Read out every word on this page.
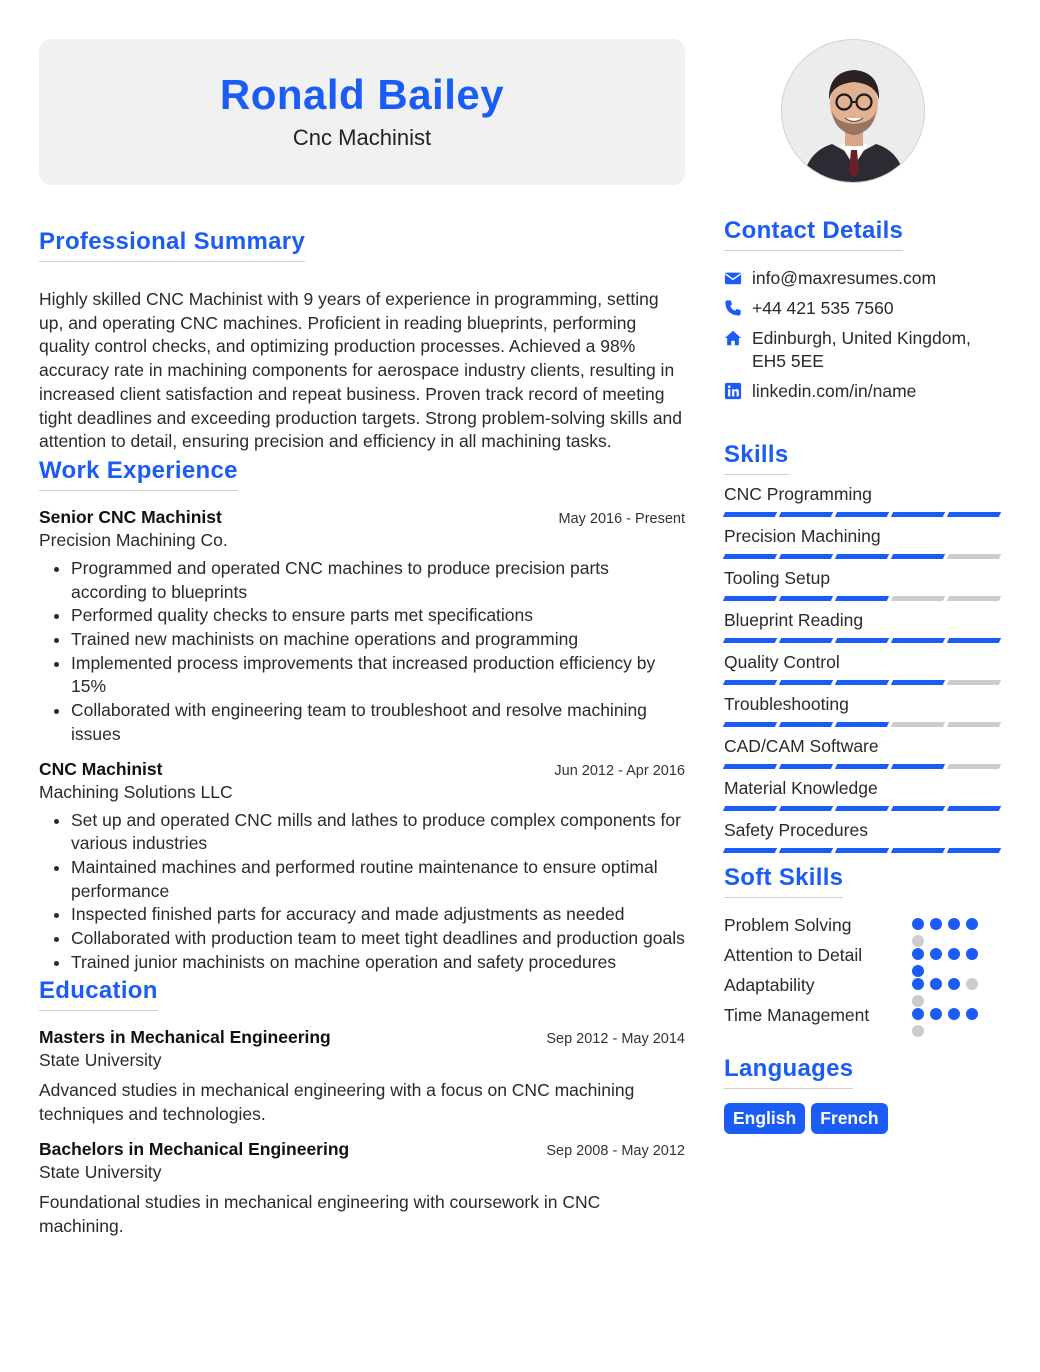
Ronald Bailey
Cnc Machinist
Professional Summary

Highly skilled CNC Machinist with 9 years of experience in programming, setting up, and operating CNC machines. Proficient in reading blueprints, performing quality control checks, and optimizing production processes. Achieved a 98% accuracy rate in machining components for aerospace industry clients, resulting in increased client satisfaction and repeat business. Proven track record of meeting tight deadlines and exceeding production targets. Strong problem-solving skills and attention to detail, ensuring precision and efficiency in all machining tasks.

Work Experience
Senior CNC Machinist	May 2016 - Present
Precision Machining Co.
• Programmed and operated CNC machines to produce precision parts according to blueprints
• Performed quality checks to ensure parts met specifications
• Trained new machinists on machine operations and programming
• Implemented process improvements that increased production efficiency by 15%
• Collaborated with engineering team to troubleshoot and resolve machining issues
CNC Machinist	Jun 2012 - Apr 2016
Machining Solutions LLC
• Set up and operated CNC mills and lathes to produce complex components for various industries
• Maintained machines and performed routine maintenance to ensure optimal performance
• Inspected finished parts for accuracy and made adjustments as needed
• Collaborated with production team to meet tight deadlines and production goals
• Trained junior machinists on machine operation and safety procedures
Education
Masters in Mechanical Engineering	Sep 2012 - May 2014
State University

Advanced studies in mechanical engineering with a focus on CNC machining techniques and technologies.

Bachelors in Mechanical Engineering	Sep 2008 - May 2012
State University

Foundational studies in mechanical engineering with coursework in CNC machining.

Contact Details
info@maxresumes.com
+44 421 535 7560
Edinburgh, United Kingdom, EH5 5EE
linkedin.com/in/name
Skills
CNC Programming
Precision Machining
Tooling Setup
Blueprint Reading
Quality Control
Troubleshooting
CAD/CAM Software
Material Knowledge
Safety Procedures
Soft Skills
Problem Solving
Attention to Detail
Adaptability
Time Management
Languages
English	French
